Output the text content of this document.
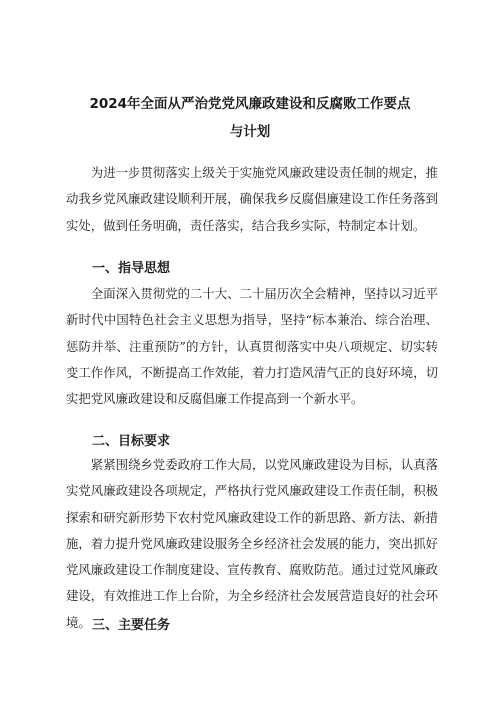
2024年全面从严治党党风廉政建设和反腐败工作要点
与计划

为进一步贯彻落实上级关于实施党风廉政建设责任制的规定，推动我乡党风廉政建设顺利开展，确保我乡反腐倡廉建设工作任务落到实处，做到任务明确，责任落实，结合我乡实际，特制定本计划。

一、指导思想

全面深入贯彻党的二十大、二十届历次全会精神，坚持以习近平新时代中国特色社会主义思想为指导，坚持“标本兼治、综合治理、惩防并举、注重预防”的方针，认真贯彻落实中央八项规定、切实转变工作作风，不断提高工作效能，着力打造风清气正的良好环境，切实把党风廉政建设和反腐倡廉工作提高到一个新水平。

二、目标要求

紧紧围绕乡党委政府工作大局，以党风廉政建设为目标，认真落实党风廉政建设各项规定，严格执行党风廉政建设工作责任制，积极探索和研究新形势下农村党风廉政建设工作的新思路、新方法、新措施，着力提升党风廉政建设服务全乡经济社会发展的能力，突出抓好党风廉政建设工作制度建设、宣传教育、腐败防范。通过过党风廉政建设，有效推进工作上台阶，为全乡经济社会发展营造良好的社会环境。 三、主要任务
